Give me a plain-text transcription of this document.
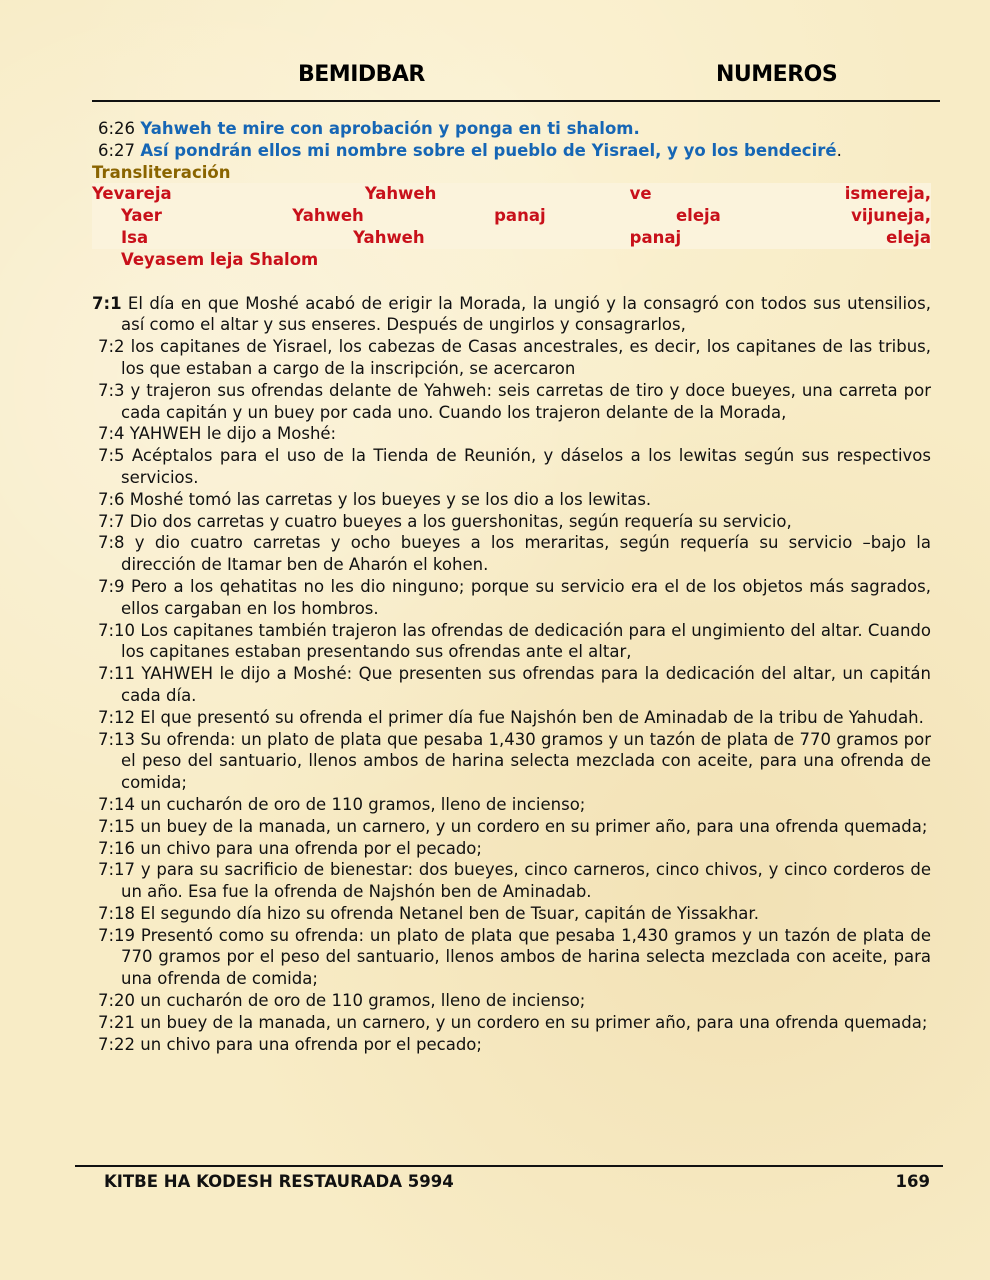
BEMIDBAR	NUMEROS
6:26 Yahweh te mire con aprobación y ponga en ti shalom.
6:27 Así pondrán ellos mi nombre sobre el pueblo de Yisrael, y yo los bendeciré.
Transliteración
Yevareja	Yahweh	ve	ismereja,
Yaer	Yahweh	panaj	eleja	vijuneja,
Isa	Yahweh	panaj	eleja
Veyasem leja Shalom
7:1 El día en que Moshé acabó de erigir la Morada, la ungió y la consagró con todos sus utensilios, así como el altar y sus enseres. Después de ungirlos y consagrarlos,
7:2 los capitanes de Yisrael, los cabezas de Casas ancestrales, es decir, los capitanes de las tribus, los que estaban a cargo de la inscripción, se acercaron
7:3 y trajeron sus ofrendas delante de Yahweh: seis carretas de tiro y doce bueyes, una carreta por cada capitán y un buey por cada uno. Cuando los trajeron delante de la Morada,
7:4 YAHWEH le dijo a Moshé:
7:5 Acéptalos para el uso de la Tienda de Reunión, y dáselos a los lewitas según sus respectivos servicios.
7:6 Moshé tomó las carretas y los bueyes y se los dio a los lewitas.
7:7 Dio dos carretas y cuatro bueyes a los guershonitas, según requería su servicio,
7:8 y dio cuatro carretas y ocho bueyes a los meraritas, según requería su servicio –bajo la dirección de Itamar ben de Aharón el kohen.
7:9 Pero a los qehatitas no les dio ninguno; porque su servicio era el de los objetos más sagrados, ellos cargaban en los hombros.
7:10 Los capitanes también trajeron las ofrendas de dedicación para el ungimiento del altar. Cuando los capitanes estaban presentando sus ofrendas ante el altar,
7:11 YAHWEH le dijo a Moshé: Que presenten sus ofrendas para la dedicación del altar, un capitán cada día.
7:12 El que presentó su ofrenda el primer día fue Najshón ben de Aminadab de la tribu de Yahudah.
7:13 Su ofrenda: un plato de plata que pesaba 1,430 gramos y un tazón de plata de 770 gramos por el peso del santuario, llenos ambos de harina selecta mezclada con aceite, para una ofrenda de comida;
7:14 un cucharón de oro de 110 gramos, lleno de incienso;
7:15 un buey de la manada, un carnero, y un cordero en su primer año, para una ofrenda quemada;
7:16 un chivo para una ofrenda por el pecado;
7:17 y para su sacrificio de bienestar: dos bueyes, cinco carneros, cinco chivos, y cinco corderos de un año. Esa fue la ofrenda de Najshón ben de Aminadab.
7:18 El segundo día hizo su ofrenda Netanel ben de Tsuar, capitán de Yissakhar.
7:19 Presentó como su ofrenda: un plato de plata que pesaba 1,430 gramos y un tazón de plata de 770 gramos por el peso del santuario, llenos ambos de harina selecta mezclada con aceite, para una ofrenda de comida;
7:20 un cucharón de oro de 110 gramos, lleno de incienso;
7:21 un buey de la manada, un carnero, y un cordero en su primer año, para una ofrenda quemada;
7:22 un chivo para una ofrenda por el pecado;
KITBE HA KODESH RESTAURADA 5994	169
